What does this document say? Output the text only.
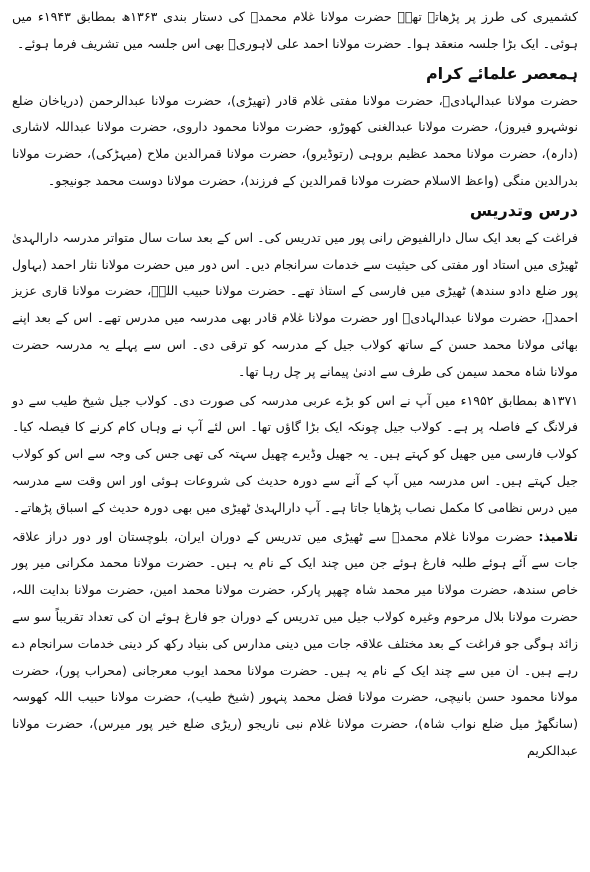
کشمیری کی طرز پر پڑھاتے تھے۔ حضرت مولانا غلام محمدؒ کی دستار بندی ۱۳۶۳ھ بمطابق ۱۹۴۳ء میں ہوئی۔ ایک بڑا جلسہ منعقد ہوا۔ حضرت مولانا احمد علی لاہوریؒ بھی اس جلسہ میں تشریف فرما ہوئے۔

ہمعصر علمائے کرام

حضرت مولانا عبدالہادیؒ، حضرت مولانا مفتی غلام قادر (تھیڑی)، حضرت مولانا عبدالرحمن (دریاخان ضلع نوشہرو فیروز)، حضرت مولانا عبدالغنی کھوڑو، حضرت مولانا محمود داروی، حضرت مولانا عبداللہ لاشاری (دارہ)، حضرت مولانا محمد عظیم بروہی (رتوڈیرو)، حضرت مولانا قمرالدین ملاح (میہڑکی)، حضرت مولانا بدرالدین منگی (واعظ الاسلام حضرت مولانا قمرالدین کے فرزند)، حضرت مولانا دوست محمد جونیجو۔

درس وتدریس

فراغت کے بعد ایک سال دارالفیوض رانی پور میں تدریس کی۔ اس کے بعد سات سال متواتر مدرسہ دارالہدیٰ ٹھیڑی میں استاد اور مفتی کی حیثیت سے خدمات سرانجام دیں۔ اس دور میں حضرت مولانا نثار احمد (بہاول پور ضلع دادو سندھ) ٹھیڑی میں فارسی کے استاذ تھے۔ حضرت مولانا حبیب اللہؒ، حضرت مولانا قاری عزیز احمدؒ، حضرت مولانا عبدالہادیؒ اور حضرت مولانا غلام قادر بھی مدرسہ میں مدرس تھے۔ اس کے بعد اپنے بھائی مولانا محمد حسن کے ساتھ کولاب جیل کے مدرسہ کو ترقی دی۔ اس سے پہلے یہ مدرسہ حضرت مولانا شاہ محمد سیمن کی طرف سے ادنیٰ پیمانے پر چل رہا تھا۔

۱۳۷۱ھ بمطابق ۱۹۵۲ء میں آپ نے اس کو بڑے عربی مدرسہ کی صورت دی۔ کولاب جیل شیخ طیب سے دو فرلانگ کے فاصلہ پر ہے۔ کولاب جیل چونکہ ایک بڑا گاؤں تھا۔ اس لئے آپ نے وہاں کام کرنے کا فیصلہ کیا۔ کولاب فارسی میں جھیل کو کہتے ہیں۔ یہ جھیل وڈیرے چھیل سہتہ کی تھی جس کی وجہ سے اس کو کولاب جیل کہتے ہیں۔ اس مدرسہ میں آپ کے آنے سے دورہ حدیث کی شروعات ہوئی اور اس وقت سے مدرسہ میں درس نظامی کا مکمل نصاب پڑھایا جاتا ہے۔ آپ دارالہدیٰ ٹھیڑی میں بھی دورہ حدیث کے اسباق پڑھاتے۔

تلامیذ: حضرت مولانا غلام محمدؒ سے ٹھیڑی میں تدریس کے دوران ایران، بلوچستان اور دور دراز علاقہ جات سے آئے ہوئے طلبہ فارغ ہوئے جن میں چند ایک کے نام یہ ہیں۔ حضرت مولانا محمد مکرانی میر پور خاص سندھ، حضرت مولانا میر محمد شاہ چھپر پارکر، حضرت مولانا محمد امین، حضرت مولانا بدایت اللہ، حضرت مولانا بلال مرحوم وغیرہ کولاب جیل میں تدریس کے دوران جو فارغ ہوئے ان کی تعداد تقریباً سو سے زائد ہوگی جو فراغت کے بعد مختلف علاقہ جات میں دینی مدارس کی بنیاد رکھ کر دینی خدمات سرانجام دے رہے ہیں۔ ان میں سے چند ایک کے نام یہ ہیں۔ حضرت مولانا محمد ایوب معرجانی (محراب پور)، حضرت مولانا محمود حسن بانیچی، حضرت مولانا فضل محمد پنہور (شیخ طیب)، حضرت مولانا حبیب اللہ کھوسہ (سانگھڑ میل ضلع نواب شاہ)، حضرت مولانا غلام نبی ناریجو (ریڑی ضلع خیر پور میرس)، حضرت مولانا عبدالکریم
